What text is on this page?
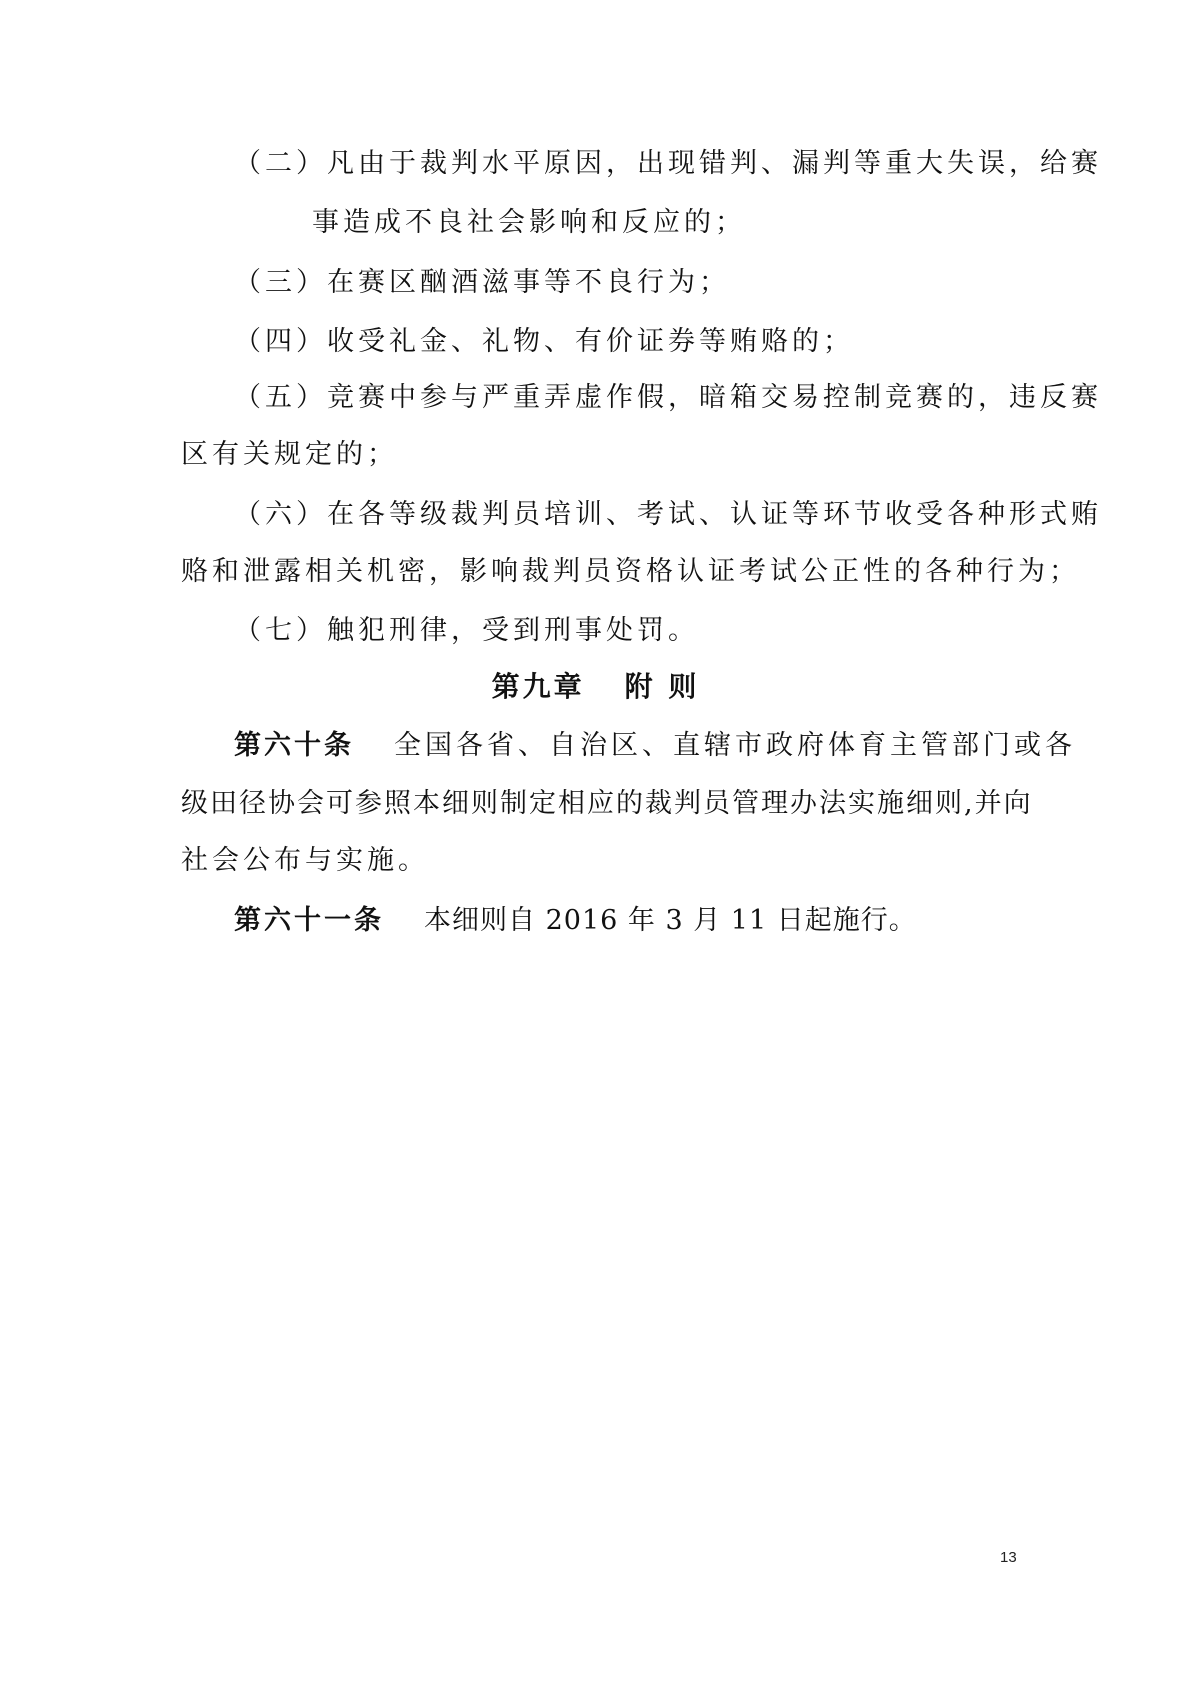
（二）凡由于裁判水平原因，出现错判、漏判等重大失误，给赛
事造成不良社会影响和反应的；
（三）在赛区酗酒滋事等不良行为；
（四）收受礼金、礼物、有价证券等贿赂的；
（五）竞赛中参与严重弄虚作假，暗箱交易控制竞赛的，违反赛
区有关规定的；
（六）在各等级裁判员培训、考试、认证等环节收受各种形式贿
赂和泄露相关机密，影响裁判员资格认证考试公正性的各种行为；
（七）触犯刑律，受到刑事处罚。
第九章 附 则
第六十条 全国各省、自治区、直辖市政府体育主管部门或各
级田径协会可参照本细则制定相应的裁判员管理办法实施细则,并向
社会公布与实施。
第六十一条 本细则自 2016 年 3 月 11 日起施行。
13
